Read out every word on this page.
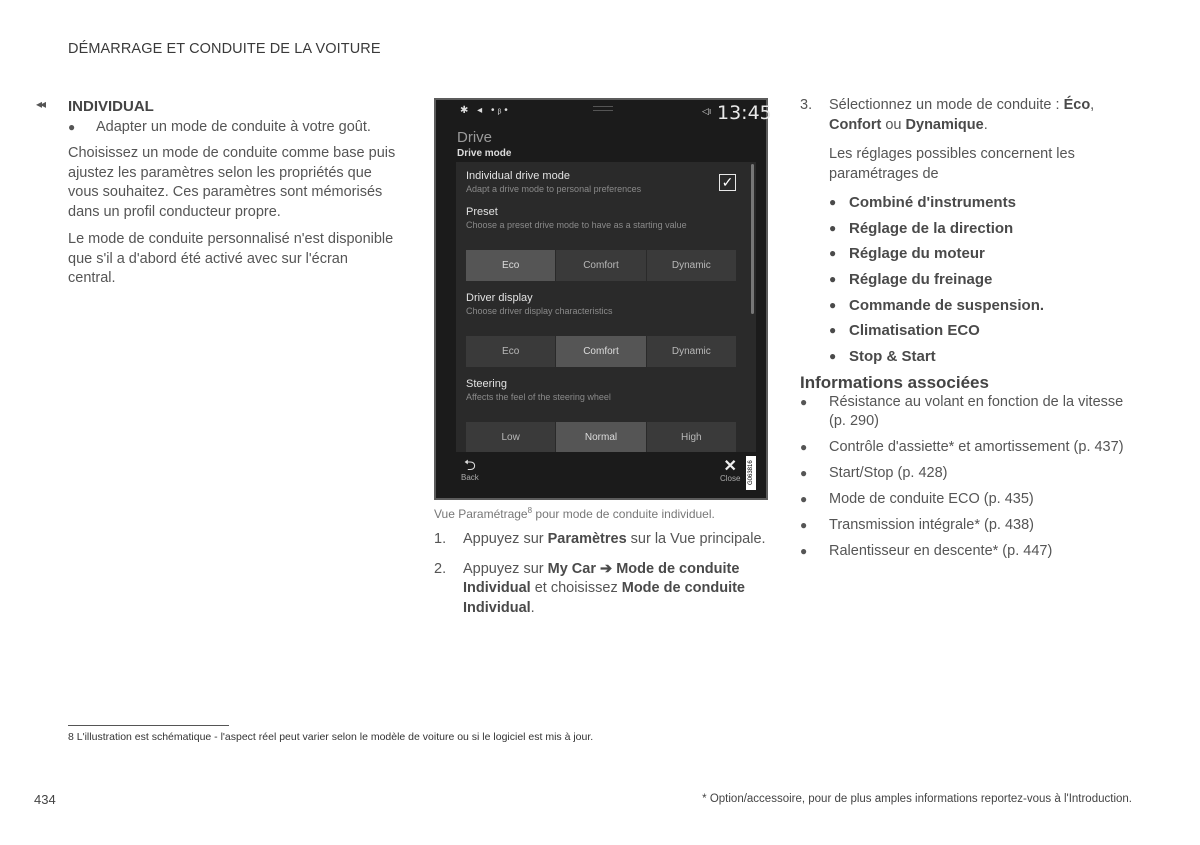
DÉMARRAGE ET CONDUITE DE LA VOITURE
◂◂ INDIVIDUAL
●	Adapter un mode de conduite à votre goût.

Choisissez un mode de conduite comme base puis ajustez les paramètres selon les propriétés que vous souhaitez. Ces paramètres sont mémorisés dans un profil conducteur propre.

Le mode de conduite personnalisé n'est disponible que s'il a d'abord été activé avec sur l'écran central.

✱ ◂ •ᵦ•	◁ı 13:45
Drive
Drive mode
Individual drive mode
Adapt a drive mode to personal preferences	✓
Preset
Choose a preset drive mode to have as a starting value
Eco	Comfort	Dynamic
Driver display
Choose driver display characteristics
Eco	Comfort	Dynamic
Steering
Affects the feel of the steering wheel
Low	Normal	High
⮌
Back
✕
Close	G063816
Vue Paramétrage$^8$ pour mode de conduite individuel.
1.	Appuyez sur Paramètres sur la Vue principale.
2.	Appuyez sur My Car ➔ Mode de conduite Individual et choisissez Mode de conduite Individual.
3.	Sélectionnez un mode de conduite : Éco, Confort ou Dynamique.

Les réglages possibles concernent les paramétrages de

● Combiné d'instruments
● Réglage de la direction
● Réglage du moteur
● Réglage du freinage
● Commande de suspension.
● Climatisation ECO
● Stop & Start
Informations associées
●	Résistance au volant en fonction de la vitesse (p. 290)
●	Contrôle d'assiette* et amortissement (p. 437)
●	Start/Stop (p. 428)
●	Mode de conduite ECO (p. 435)
●	Transmission intégrale* (p. 438)
●	Ralentisseur en descente* (p. 447)
8 L'illustration est schématique - l'aspect réel peut varier selon le modèle de voiture ou si le logiciel est mis à jour.
434	* Option/accessoire, pour de plus amples informations reportez-vous à l'Introduction.
